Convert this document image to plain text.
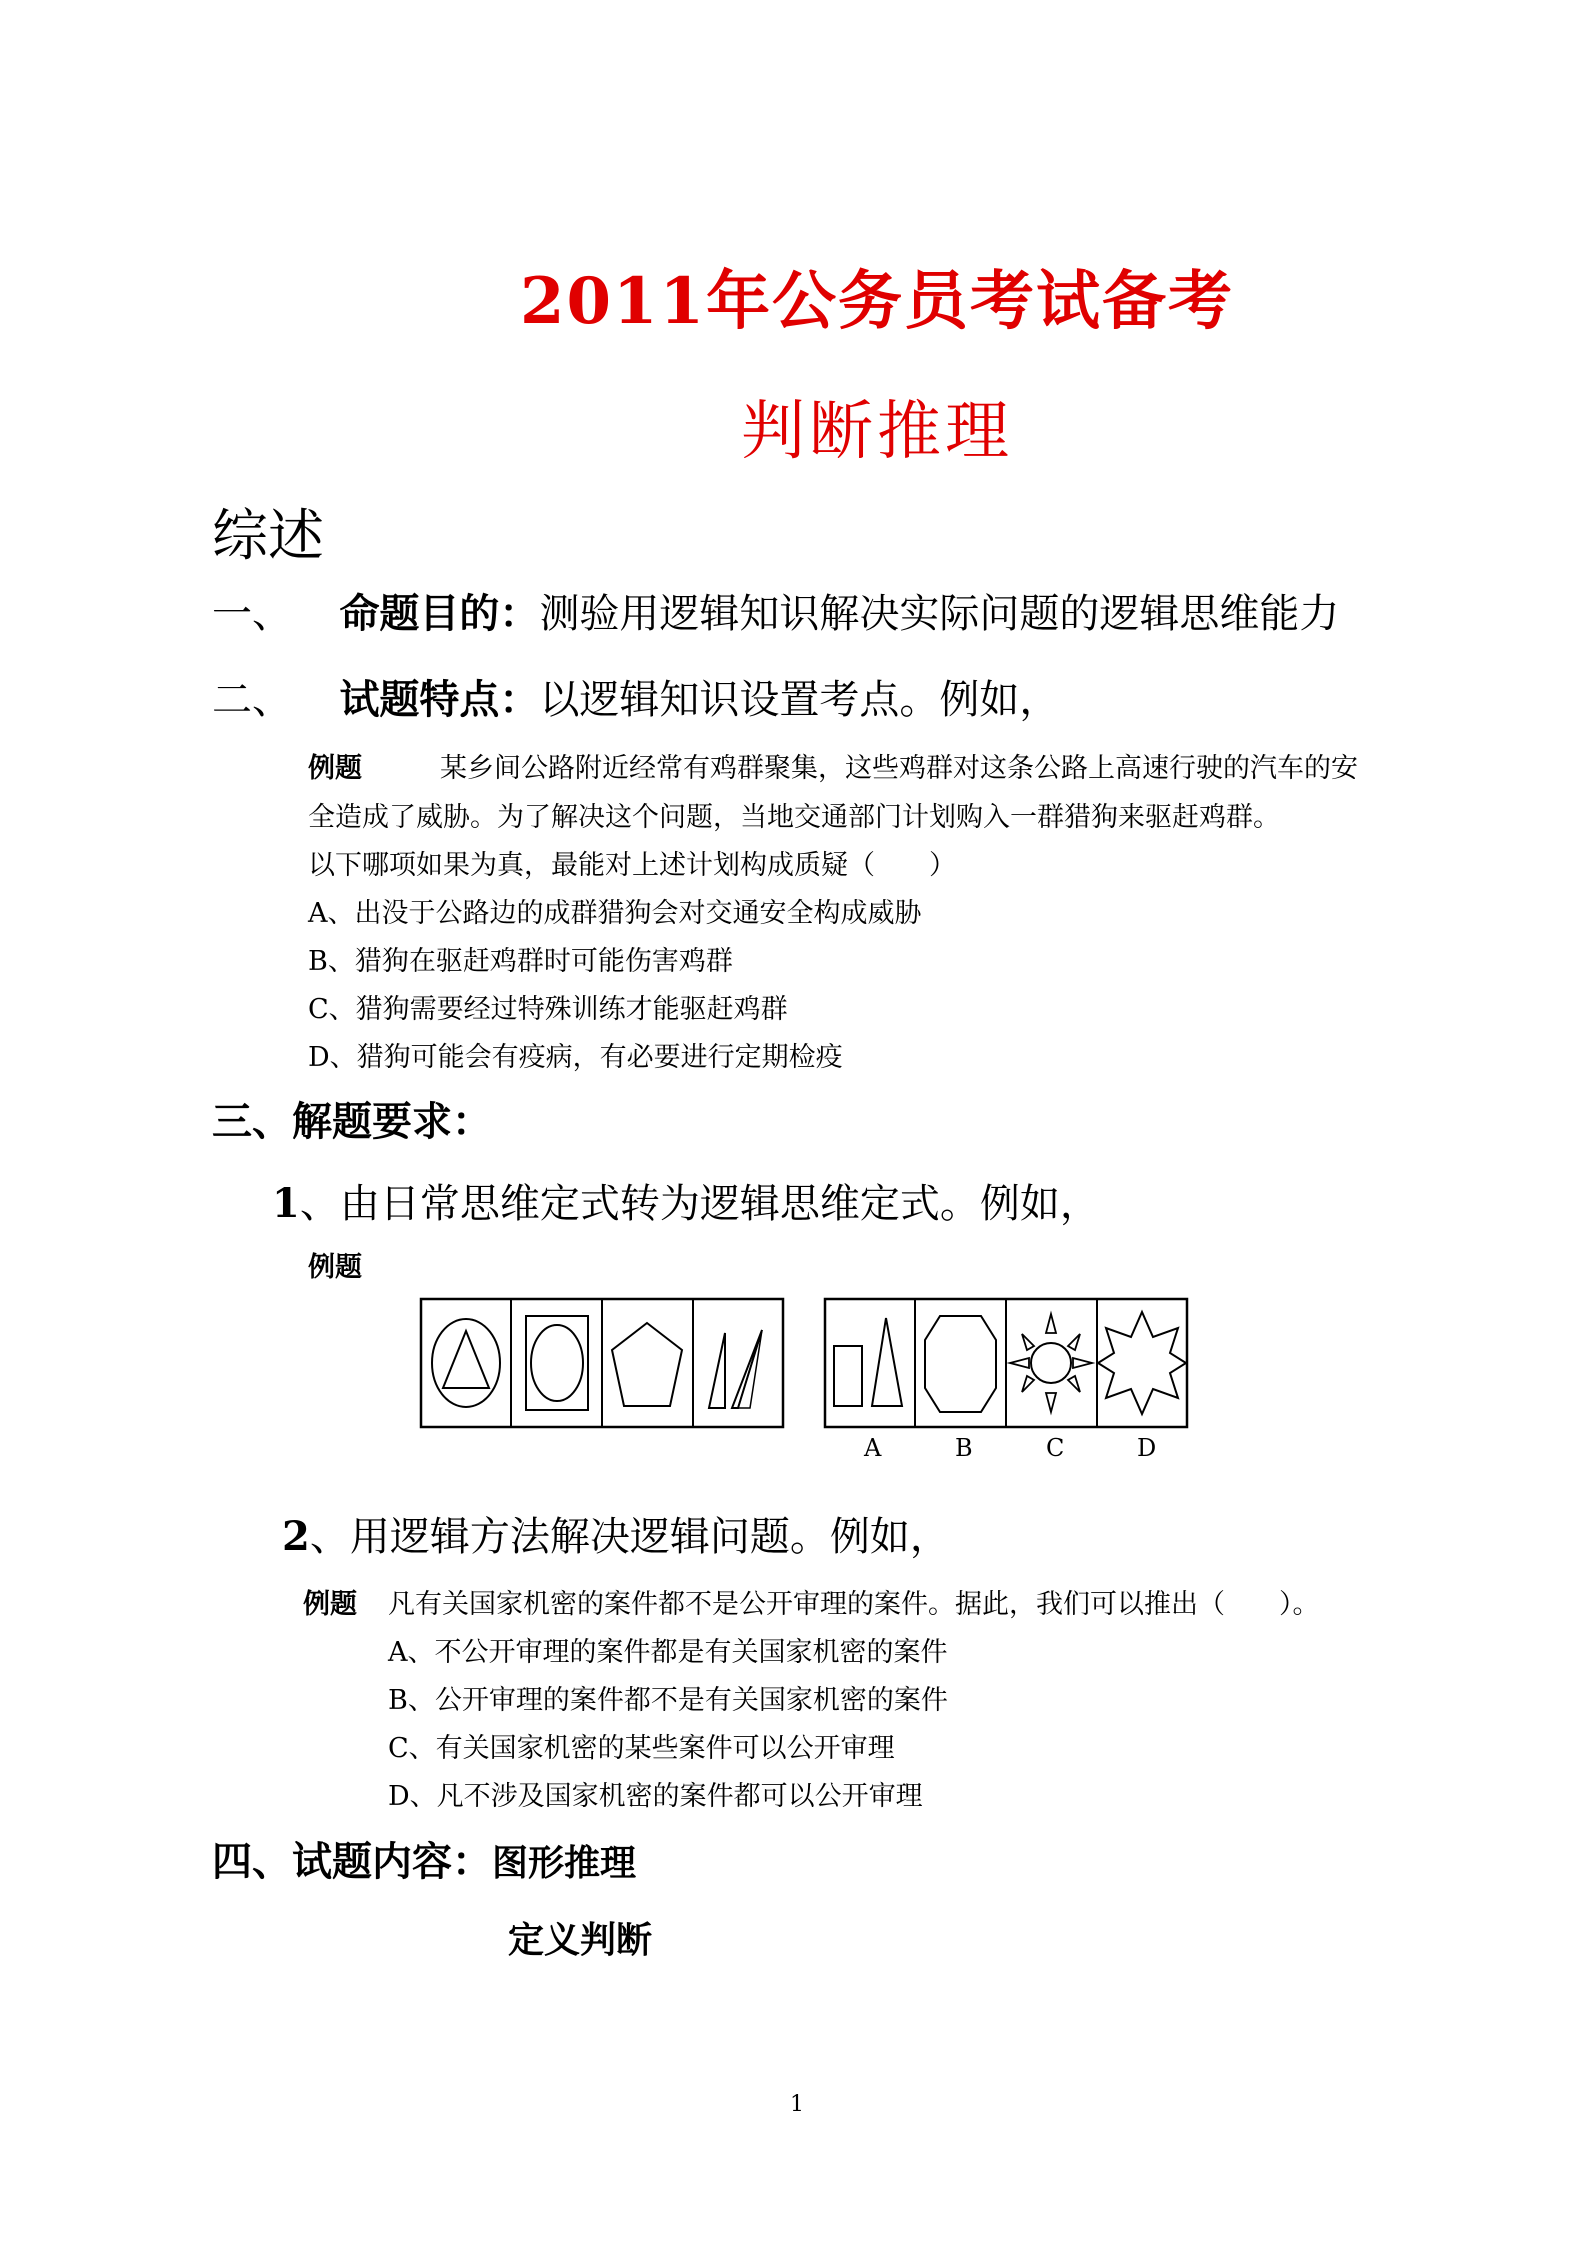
2011年公务员考试备考
判断推理
综述
一、 命题目的：测验用逻辑知识解决实际问题的逻辑思维能力
二、 试题特点：以逻辑知识设置考点。例如，
例题	某乡间公路附近经常有鸡群聚集，这些鸡群对这条公路上高速行驶的汽车的安
全造成了威胁。为了解决这个问题，当地交通部门计划购入一群猎狗来驱赶鸡群。
以下哪项如果为真，最能对上述计划构成质疑（　　）
A、出没于公路边的成群猎狗会对交通安全构成威胁
B、猎狗在驱赶鸡群时可能伤害鸡群
C、猎狗需要经过特殊训练才能驱赶鸡群
D、猎狗可能会有疫病，有必要进行定期检疫
三、解题要求：
1、由日常思维定式转为逻辑思维定式。例如，
例题
A	B	C	D
2、用逻辑方法解决逻辑问题。例如，
例题 凡有关国家机密的案件都不是公开审理的案件。据此，我们可以推出（　　）。
A、不公开审理的案件都是有关国家机密的案件
B、公开审理的案件都不是有关国家机密的案件
C、有关国家机密的某些案件可以公开审理
D、凡不涉及国家机密的案件都可以公开审理
四、试题内容：图形推理
定义判断
1
